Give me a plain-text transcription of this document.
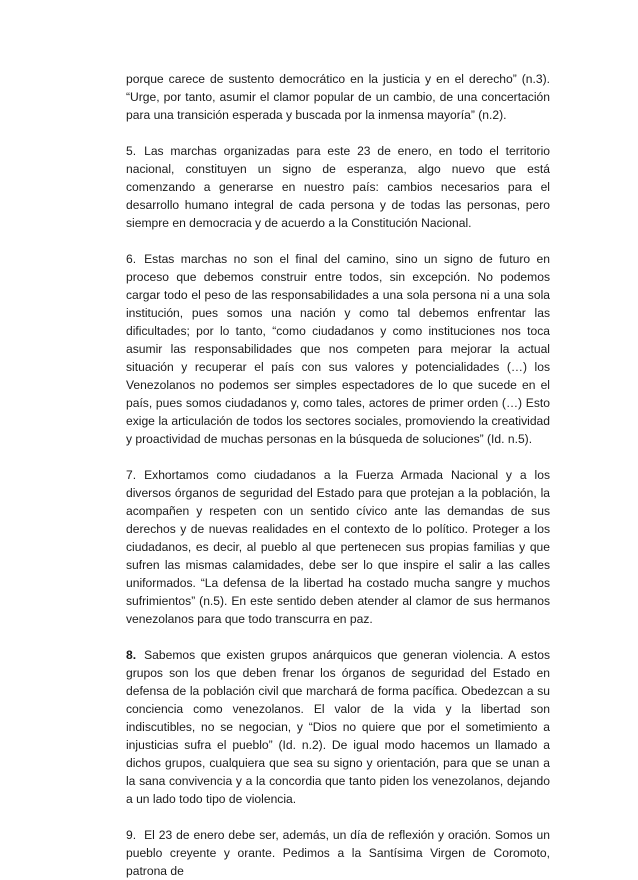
porque carece de sustento democrático en la justicia y en el derecho” (n.3). “Urge, por tanto, asumir el clamor popular de un cambio, de una concertación para una transición esperada y buscada por la inmensa mayoría” (n.2).

5. Las marchas organizadas para este 23 de enero, en todo el territorio nacional, constituyen un signo de esperanza, algo nuevo que está comenzando a generarse en nuestro país: cambios necesarios para el desarrollo humano integral de cada persona y de todas las personas, pero siempre en democracia y de acuerdo a la Constitución Nacional.

6. Estas marchas no son el final del camino, sino un signo de futuro en proceso que debemos construir entre todos, sin excepción. No podemos cargar todo el peso de las responsabilidades a una sola persona ni a una sola institución, pues somos una nación y como tal debemos enfrentar las dificultades; por lo tanto, “como ciudadanos y como instituciones nos toca asumir las responsabilidades que nos competen para mejorar la actual situación y recuperar el país con sus valores y potencialidades (…) los Venezolanos no podemos ser simples espectadores de lo que sucede en el país, pues somos ciudadanos y, como tales, actores de primer orden (…) Esto exige la articulación de todos los sectores sociales, promoviendo la creatividad y proactividad de muchas personas en la búsqueda de soluciones” (Id. n.5).

7. Exhortamos como ciudadanos a la Fuerza Armada Nacional y a los diversos órganos de seguridad del Estado para que protejan a la población, la acompañen y respeten con un sentido cívico ante las demandas de sus derechos y de nuevas realidades en el contexto de lo político. Proteger a los ciudadanos, es decir, al pueblo al que pertenecen sus propias familias y que sufren las mismas calamidades, debe ser lo que inspire el salir a las calles uniformados. “La defensa de la libertad ha costado mucha sangre y muchos sufrimientos” (n.5). En este sentido deben atender al clamor de sus hermanos venezolanos para que todo transcurra en paz.

8. Sabemos que existen grupos anárquicos que generan violencia. A estos grupos son los que deben frenar los órganos de seguridad del Estado en defensa de la población civil que marchará de forma pacífica. Obedezcan a su conciencia como venezolanos. El valor de la vida y la libertad son indiscutibles, no se negocian, y “Dios no quiere que por el sometimiento a injusticias sufra el pueblo” (Id. n.2). De igual modo hacemos un llamado a dichos grupos, cualquiera que sea su signo y orientación, para que se unan a la sana convivencia y a la concordia que tanto piden los venezolanos, dejando a un lado todo tipo de violencia.

9. El 23 de enero debe ser, además, un día de reflexión y oración. Somos un pueblo creyente y orante. Pedimos a la Santísima Virgen de Coromoto, patrona de
